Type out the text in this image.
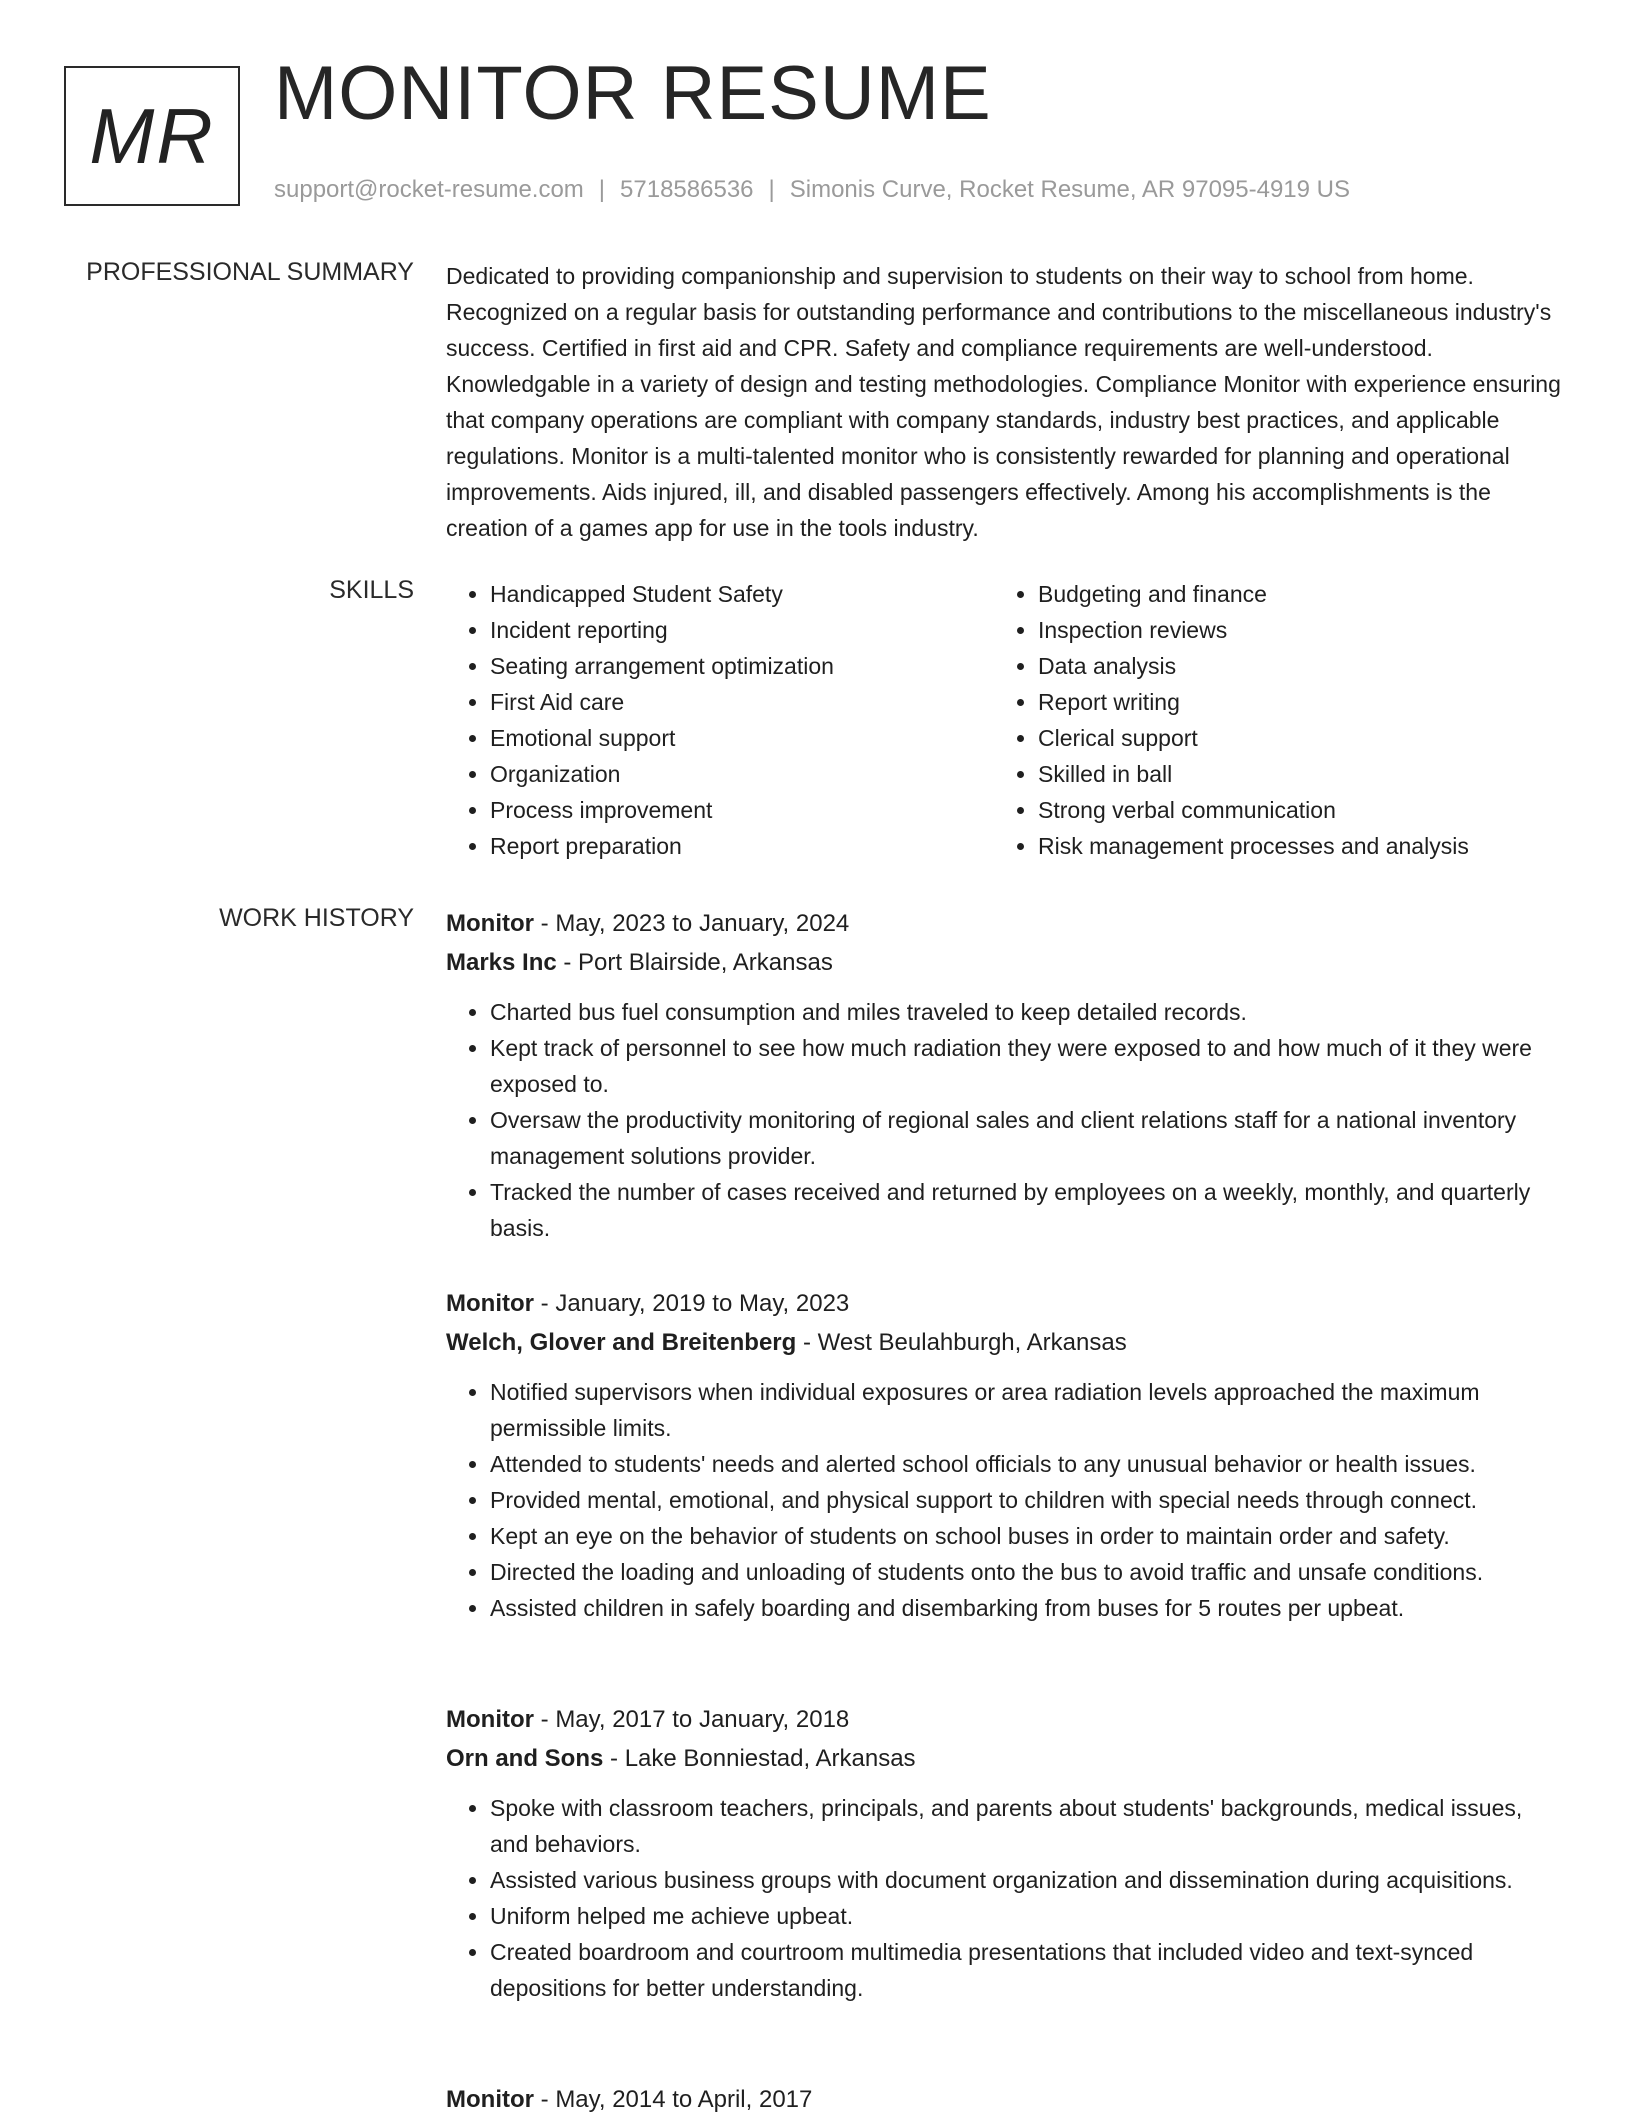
MR MONITOR RESUME
support@rocket-resume.com | 5718586536 | Simonis Curve, Rocket Resume, AR 97095-4919 US
PROFESSIONAL SUMMARY Dedicated to providing companionship and supervision to students on their way to school from home. Recognized on a regular basis for outstanding performance and contributions to the miscellaneous industry's success. Certified in first aid and CPR. Safety and compliance requirements are well-understood. Knowledgable in a variety of design and testing methodologies. Compliance Monitor with experience ensuring that company operations are compliant with company standards, industry best practices, and applicable regulations. Monitor is a multi-talented monitor who is consistently rewarded for planning and operational improvements. Aids injured, ill, and disabled passengers effectively. Among his accomplishments is the creation of a games app for use in the tools industry.

SKILLS
•	Handicapped Student Safety
• Incident reporting
• Seating arrangement optimization
• First Aid care
• Emotional support
• Organization
• Process improvement
• Report preparation
• Budgeting and finance
• Inspection reviews
• Data analysis
• Report writing
• Clerical support
• Skilled in ball
• Strong verbal communication
• Risk management processes and analysis
WORK HISTORY Monitor - May, 2023 to January, 2024

Marks Inc - Port Blairside, Arkansas

• Charted bus fuel consumption and miles traveled to keep detailed records.
• Kept track of personnel to see how much radiation they were exposed to and how much of it they were exposed to.
• Oversaw the productivity monitoring of regional sales and client relations staff for a national inventory management solutions provider.
• Tracked the number of cases received and returned by employees on a weekly, monthly, and quarterly basis.

Monitor - January, 2019 to May, 2023

Welch, Glover and Breitenberg - West Beulahburgh, Arkansas

• Notified supervisors when individual exposures or area radiation levels approached the maximum permissible limits.
• Attended to students' needs and alerted school officials to any unusual behavior or health issues.
• Provided mental, emotional, and physical support to children with special needs through connect.
• Kept an eye on the behavior of students on school buses in order to maintain order and safety.
• Directed the loading and unloading of students onto the bus to avoid traffic and unsafe conditions.
• Assisted children in safely boarding and disembarking from buses for 5 routes per upbeat.

Monitor - May, 2017 to January, 2018

Orn and Sons - Lake Bonniestad, Arkansas

• Spoke with classroom teachers, principals, and parents about students' backgrounds, medical issues, and behaviors.
• Assisted various business groups with document organization and dissemination during acquisitions.
• Uniform helped me achieve upbeat.
• Created boardroom and courtroom multimedia presentations that included video and text-synced depositions for better understanding.

Monitor - May, 2014 to April, 2017
